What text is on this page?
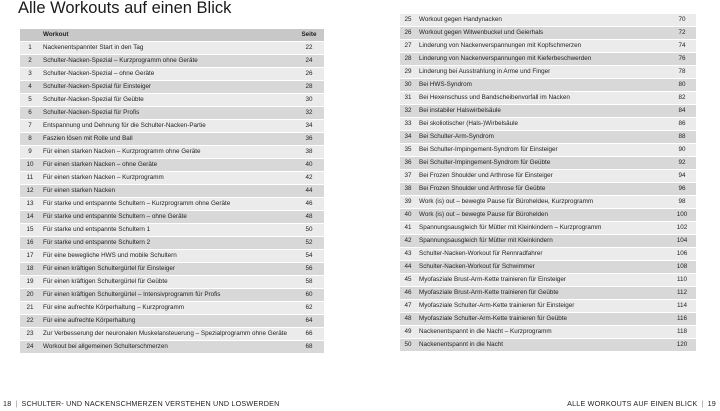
Alle Workouts auf einen Blick
	Workout	Seite
1	Nackenentspannter Start in den Tag	22
2	Schulter-Nacken-Spezial – Kurzprogramm ohne Geräte	24
3	Schulter-Nacken-Spezial – ohne Geräte	26
4	Schulter-Nacken-Spezial für Einsteiger	28
5	Schulter-Nacken-Spezial für Geübte	30
6	Schulter-Nacken-Spezial für Profis	32
7	Entspannung und Dehnung für die Schulter-Nacken-Partie	34
8	Faszien lösen mit Rolle und Ball	36
9	Für einen starken Nacken – Kurzprogramm ohne Geräte	38
10	Für einen starken Nacken – ohne Geräte	40
11	Für einen starken Nacken – Kurzprogramm	42
12	Für einen starken Nacken	44
13	Für starke und entspannte Schultern – Kurzprogramm ohne Geräte	46
14	Für starke und entspannte Schultern – ohne Geräte	48
15	Für starke und entspannte Schultern 1	50
16	Für starke und entspannte Schultern 2	52
17	Für eine bewegliche HWS und mobile Schultern	54
18	Für einen kräftigen Schultergürtel für Einsteiger	56
19	Für einen kräftigen Schultergürtel für Geübte	58
20	Für einen kräftigen Schultergürtel – Intensivprogramm für Profis	60
21	Für eine aufrechte Körperhaltung – Kurzprogramm	62
22	Für eine aufrechte Körperhaltung	64
23	Zur Verbesserung der neuronalen Muskelansteuerung – Spezialprogramm ohne Geräte	66
24	Workout bei allgemeinen Schulterschmerzen	68
25	Workout gegen Handynacken	70
26	Workout gegen Witwenbuckel und Geierhals	72
27	Linderung von Nackenverspannungen mit Kopfschmerzen	74
28	Linderung von Nackenverspannungen mit Kieferbeschwerden	76
29	Linderung bei Ausstrahlung in Arme und Finger	78
30	Bei HWS-Syndrom	80
31	Bei Hexenschuss und Bandscheibenvorfall im Nacken	82
32	Bei instabiler Halswirbelsäule	84
33	Bei skoliotischer (Hals-)Wirbelsäule	86
34	Bei Schulter-Arm-Syndrom	88
35	Bei Schulter-Impingement-Syndrom für Einsteiger	90
36	Bei Schulter-Impingement-Syndrom für Geübte	92
37	Bei Frozen Shoulder und Arthrose für Einsteiger	94
38	Bei Frozen Shoulder und Arthrose für Geübte	96
39	Work (is) out – bewegte Pause für Büroheldeн, Kurzprogramm	98
40	Work (is) out – bewegte Pause für Bürohelden	100
41	Spannungsausgleich für Mütter mit Kleinkindern – Kurzprogramm	102
42	Spannungsausgleich für Mütter mit Kleinkindern	104
43	Schulter-Nacken-Workout für Rennradfahrer	106
44	Schulter-Nacken-Workout für Schwimmer	108
45	Myofasziale Brust-Arm-Kette trainieren für Einsteiger	110
46	Myofasziale Brust-Arm-Kette trainieren für Geübte	112
47	Myofasziale Schulter-Arm-Kette trainieren für Einsteiger	114
48	Myofasziale Schulter-Arm-Kette trainieren für Geübte	116
49	Nackenentspannt in die Nacht – Kurzprogramm	118
50	Nackenentspannt in die Nacht	120
18 | SCHULTER- UND NACKENSCHMERZEN VERSTEHEN UND LOSWERDEN	ALLE WORKOUTS AUF EINEN BLICK | 19
